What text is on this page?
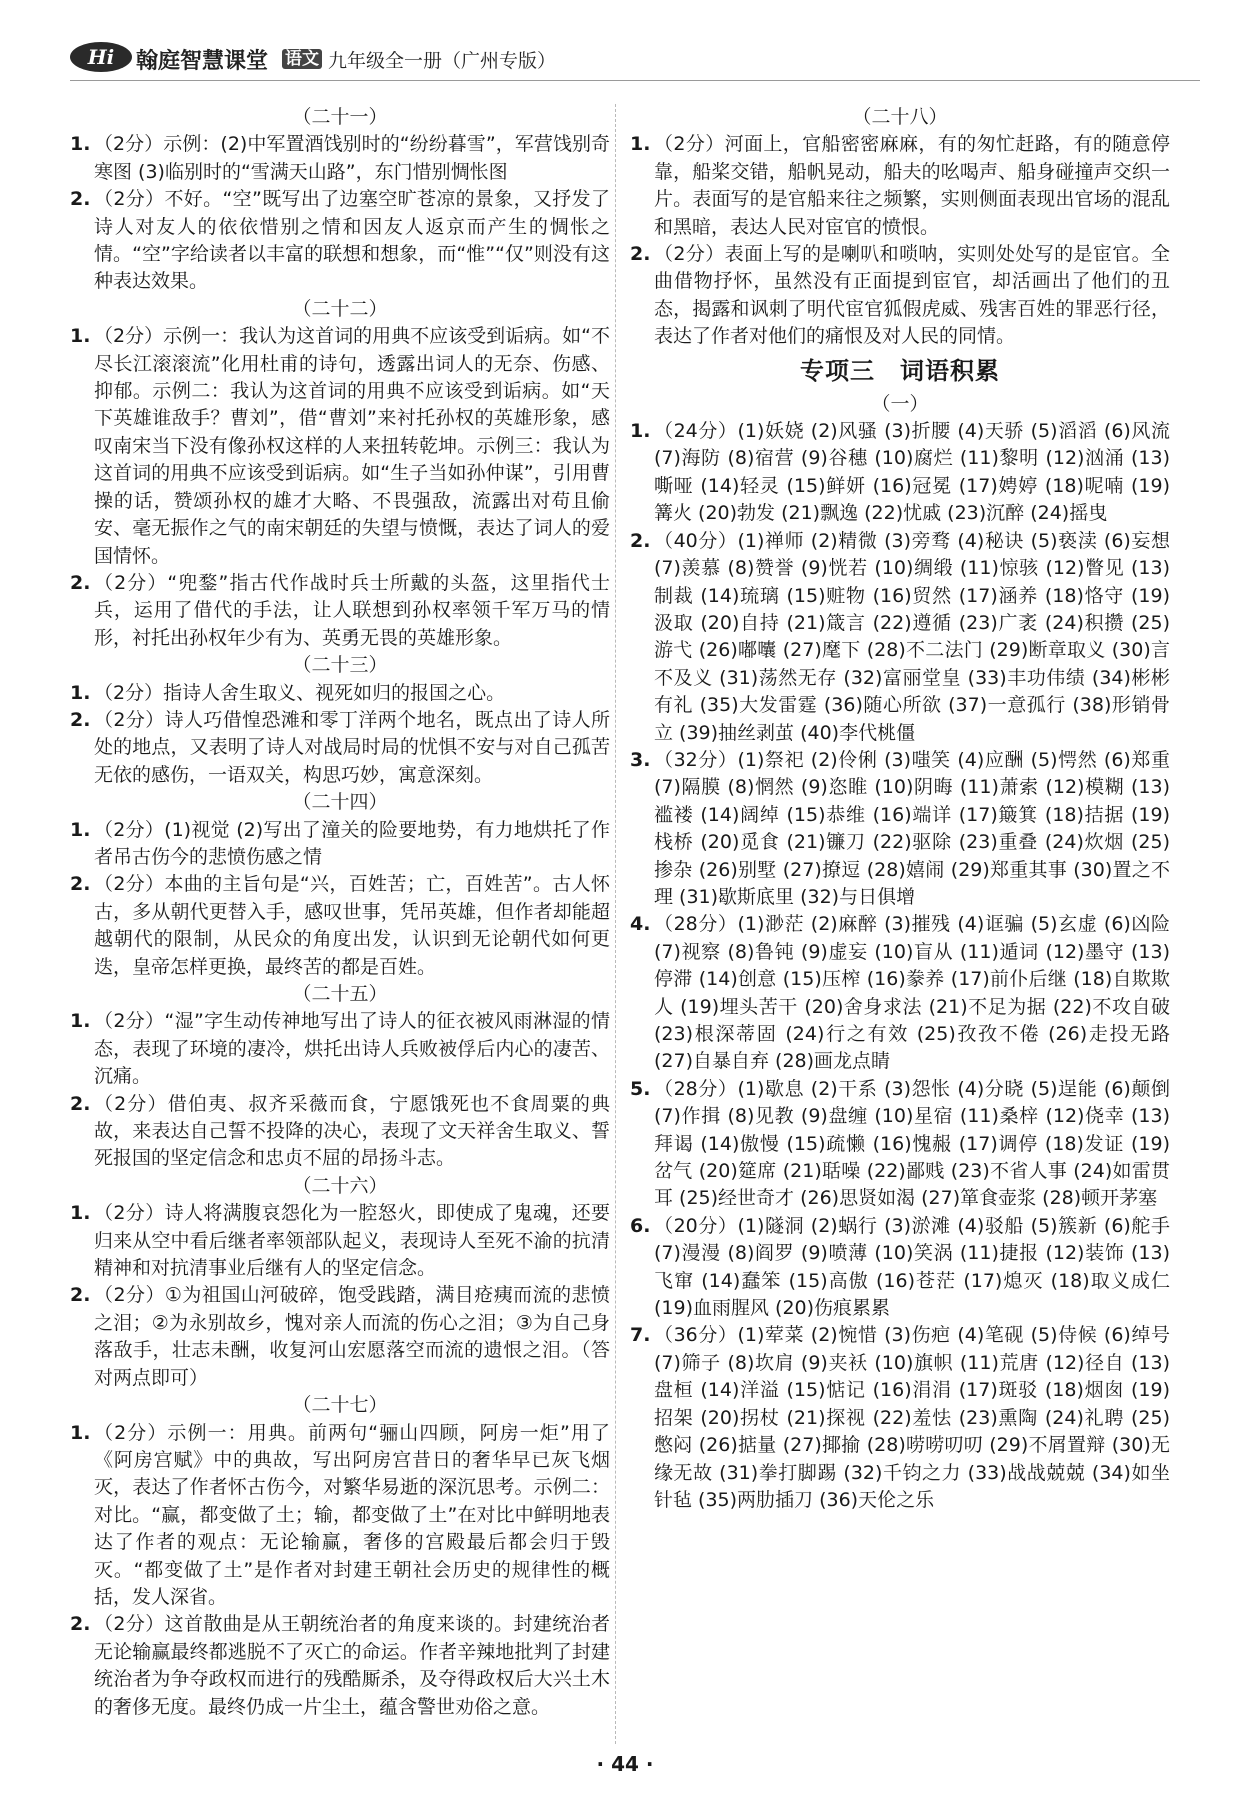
Hi 翰庭智慧课堂 语文 九年级全一册（广州专版）

（二十一）

1. （2分）示例：(2)中军置酒饯别时的“纷纷暮雪”，军营饯别奇寒图 (3)临别时的“雪满天山路”，东门惜别惆怅图

2. （2分）不好。“空”既写出了边塞空旷苍凉的景象，又抒发了诗人对友人的依依惜别之情和因友人返京而产生的惆怅之情。“空”字给读者以丰富的联想和想象，而“惟”“仅”则没有这种表达效果。

（二十二）

1. （2分）示例一：我认为这首词的用典不应该受到诟病。如“不尽长江滚滚流”化用杜甫的诗句，透露出词人的无奈、伤感、抑郁。示例二：我认为这首词的用典不应该受到诟病。如“天下英雄谁敌手？曹刘”，借“曹刘”来衬托孙权的英雄形象，感叹南宋当下没有像孙权这样的人来扭转乾坤。示例三：我认为这首词的用典不应该受到诟病。如“生子当如孙仲谋”，引用曹操的话，赞颂孙权的雄才大略、不畏强敌，流露出对苟且偷安、毫无振作之气的南宋朝廷的失望与愤慨，表达了词人的爱国情怀。

2. （2分）“兜鍪”指古代作战时兵士所戴的头盔，这里指代士兵，运用了借代的手法，让人联想到孙权率领千军万马的情形，衬托出孙权年少有为、英勇无畏的英雄形象。

（二十三）

1. （2分）指诗人舍生取义、视死如归的报国之心。

2. （2分）诗人巧借惶恐滩和零丁洋两个地名，既点出了诗人所处的地点，又表明了诗人对战局时局的忧惧不安与对自己孤苦无依的感伤，一语双关，构思巧妙，寓意深刻。

（二十四）

1. （2分）(1)视觉 (2)写出了潼关的险要地势，有力地烘托了作者吊古伤今的悲愤伤感之情

2. （2分）本曲的主旨句是“兴，百姓苦；亡，百姓苦”。古人怀古，多从朝代更替入手，感叹世事，凭吊英雄，但作者却能超越朝代的限制，从民众的角度出发，认识到无论朝代如何更迭，皇帝怎样更换，最终苦的都是百姓。

（二十五）

1. （2分）“湿”字生动传神地写出了诗人的征衣被风雨淋湿的情态，表现了环境的凄冷，烘托出诗人兵败被俘后内心的凄苦、沉痛。

2. （2分）借伯夷、叔齐采薇而食，宁愿饿死也不食周粟的典故，来表达自己誓不投降的决心，表现了文天祥舍生取义、誓死报国的坚定信念和忠贞不屈的昂扬斗志。

（二十六）

1. （2分）诗人将满腹哀怨化为一腔怒火，即使成了鬼魂，还要归来从空中看后继者率领部队起义，表现诗人至死不渝的抗清精神和对抗清事业后继有人的坚定信念。

2. （2分）①为祖国山河破碎，饱受践踏，满目疮痍而流的悲愤之泪；②为永别故乡，愧对亲人而流的伤心之泪；③为自己身落敌手，壮志未酬，收复河山宏愿落空而流的遗恨之泪。（答对两点即可）

（二十七）

1. （2分）示例一：用典。前两句“骊山四顾，阿房一炬”用了《阿房宫赋》中的典故，写出阿房宫昔日的奢华早已灰飞烟灭，表达了作者怀古伤今，对繁华易逝的深沉思考。示例二：对比。“赢，都变做了土；输，都变做了土”在对比中鲜明地表达了作者的观点：无论输赢，奢侈的宫殿最后都会归于毁灭。“都变做了土”是作者对封建王朝社会历史的规律性的概括，发人深省。

2. （2分）这首散曲是从王朝统治者的角度来谈的。封建统治者无论输赢最终都逃脱不了灭亡的命运。作者辛辣地批判了封建统治者为争夺政权而进行的残酷厮杀，及夺得政权后大兴土木的奢侈无度。最终仍成一片尘土，蕴含警世劝俗之意。

（二十八）

1. （2分）河面上，官船密密麻麻，有的匆忙赶路，有的随意停靠，船桨交错，船帆晃动，船夫的吆喝声、船身碰撞声交织一片。表面写的是官船来往之频繁，实则侧面表现出官场的混乱和黑暗，表达人民对宦官的愤恨。

2. （2分）表面上写的是喇叭和唢呐，实则处处写的是宦官。全曲借物抒怀，虽然没有正面提到宦官，却活画出了他们的丑态，揭露和讽刺了明代宦官狐假虎威、残害百姓的罪恶行径，表达了作者对他们的痛恨及对人民的同情。

专项三　词语积累

（一）

1. （24分）(1)妖娆 (2)风骚 (3)折腰 (4)天骄 (5)滔滔 (6)风流 (7)海防 (8)宿营 (9)谷穗 (10)腐烂 (11)黎明 (12)汹涌 (13)嘶哑 (14)轻灵 (15)鲜妍 (16)冠冕 (17)娉婷 (18)呢喃 (19)篝火 (20)勃发 (21)飘逸 (22)忧戚 (23)沉醉 (24)摇曳

2. （40分）(1)禅师 (2)精微 (3)旁骛 (4)秘诀 (5)亵渎 (6)妄想 (7)羡慕 (8)赞誉 (9)恍若 (10)绸缎 (11)惊骇 (12)瞥见 (13)制裁 (14)琉璃 (15)赃物 (16)贸然 (17)涵养 (18)恪守 (19)汲取 (20)自持 (21)箴言 (22)遵循 (23)广袤 (24)积攒 (25)游弋 (26)嘟囔 (27)麾下 (28)不二法门 (29)断章取义 (30)言不及义 (31)荡然无存 (32)富丽堂皇 (33)丰功伟绩 (34)彬彬有礼 (35)大发雷霆 (36)随心所欲 (37)一意孤行 (38)形销骨立 (39)抽丝剥茧 (40)李代桃僵

3. （32分）(1)祭祀 (2)伶俐 (3)嗤笑 (4)应酬 (5)愕然 (6)郑重 (7)隔膜 (8)惘然 (9)恣睢 (10)阴晦 (11)萧索 (12)模糊 (13)褴褛 (14)阔绰 (15)恭维 (16)端详 (17)簸箕 (18)拮据 (19)栈桥 (20)觅食 (21)镰刀 (22)驱除 (23)重叠 (24)炊烟 (25)掺杂 (26)别墅 (27)撩逗 (28)嬉闹 (29)郑重其事 (30)置之不理 (31)歇斯底里 (32)与日俱增

4. （28分）(1)渺茫 (2)麻醉 (3)摧残 (4)诓骗 (5)玄虚 (6)凶险 (7)视察 (8)鲁钝 (9)虚妄 (10)盲从 (11)遁词 (12)墨守 (13)停滞 (14)创意 (15)压榨 (16)豢养 (17)前仆后继 (18)自欺欺人 (19)埋头苦干 (20)舍身求法 (21)不足为据 (22)不攻自破 (23)根深蒂固 (24)行之有效 (25)孜孜不倦 (26)走投无路 (27)自暴自弃 (28)画龙点睛

5. （28分）(1)歇息 (2)干系 (3)怨怅 (4)分晓 (5)逞能 (6)颠倒 (7)作揖 (8)见教 (9)盘缠 (10)星宿 (11)桑梓 (12)侥幸 (13)拜谒 (14)傲慢 (15)疏懒 (16)愧赧 (17)调停 (18)发证 (19)岔气 (20)筵席 (21)聒噪 (22)鄙贱 (23)不省人事 (24)如雷贯耳 (25)经世奇才 (26)思贤如渴 (27)箪食壶浆 (28)顿开茅塞

6. （20分）(1)隧洞 (2)蜗行 (3)淤滩 (4)驳船 (5)簇新 (6)舵手 (7)漫漫 (8)阎罗 (9)喷薄 (10)笑涡 (11)捷报 (12)装饰 (13)飞窜 (14)蠢笨 (15)高傲 (16)苍茫 (17)熄灭 (18)取义成仁 (19)血雨腥风 (20)伤痕累累

7. （36分）(1)荤菜 (2)惋惜 (3)伤疤 (4)笔砚 (5)侍候 (6)绰号 (7)筛子 (8)坎肩 (9)夹袄 (10)旗帜 (11)荒唐 (12)径自 (13)盘桓 (14)洋溢 (15)惦记 (16)涓涓 (17)斑驳 (18)烟囱 (19)招架 (20)拐杖 (21)探视 (22)羞怯 (23)熏陶 (24)礼聘 (25)憋闷 (26)掂量 (27)揶揄 (28)唠唠叨叨 (29)不屑置辩 (30)无缘无故 (31)拳打脚踢 (32)千钧之力 (33)战战兢兢 (34)如坐针毡 (35)两肋插刀 (36)天伦之乐

· 44 ·
